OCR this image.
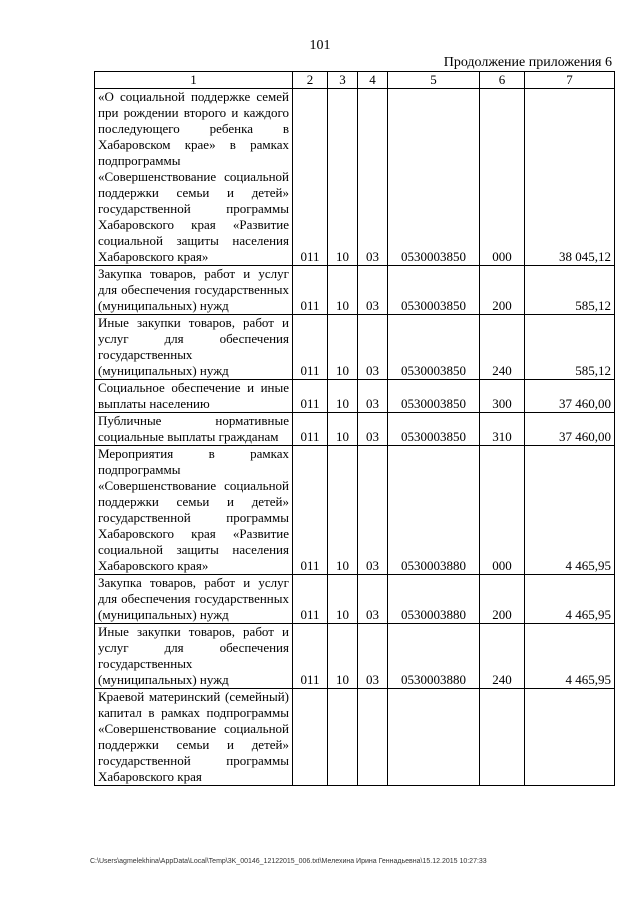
101
Продолжение приложения 6
1	2	3	4	5	6	7
«О социальной поддержке семей при рождении второго и каждого последующего ребенка в Хабаровском крае» в рамках подпрограммы «Совершенствование социальной поддержки семьи и детей» государственной программы Хабаровского края «Развитие социальной защиты населения Хабаровского края»	011	10	03	0530003850	000	38 045,12
Закупка товаров, работ и услуг для обеспечения государственных (муниципальных) нужд	011	10	03	0530003850	200	585,12
Иные закупки товаров, работ и услуг для обеспечения государственных (муниципальных) нужд	011	10	03	0530003850	240	585,12
Социальное обеспечение и иные выплаты населению	011	10	03	0530003850	300	37 460,00
Публичные нормативные социальные выплаты гражданам	011	10	03	0530003850	310	37 460,00
Мероприятия в рамках подпрограммы «Совершенствование социальной поддержки семьи и детей» государственной программы Хабаровского края «Развитие социальной защиты населения Хабаровского края»	011	10	03	0530003880	000	4 465,95
Закупка товаров, работ и услуг для обеспечения государственных (муниципальных) нужд	011	10	03	0530003880	200	4 465,95
Иные закупки товаров, работ и услуг для обеспечения государственных (муниципальных) нужд	011	10	03	0530003880	240	4 465,95
Краевой материнский (семейный) капитал в рамках подпрограммы «Совершенствование социальной поддержки семьи и детей» государственной программы Хабаровского края						
C:\Users\agmelekhina\AppData\Local\Temp\3K_00146_12122015_006.txt\Мелехина Ирина Геннадьевна\15.12.2015 10:27:33
